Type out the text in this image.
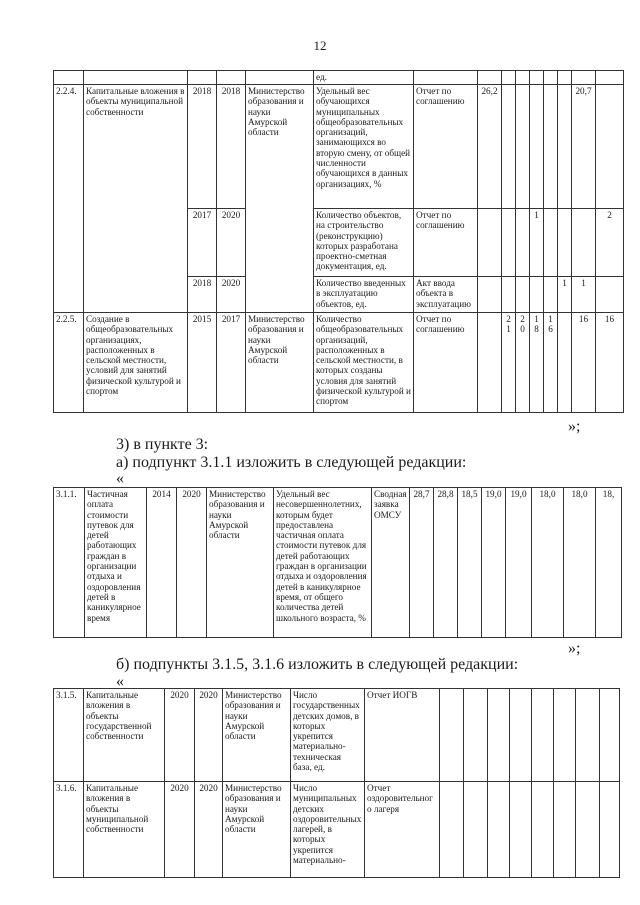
12
					ед.									
2.2.4.	Капитальные вложения в объекты муниципальной собственности	2018	2018	Министерство образования и науки Амурской области	Удельный вес обучающихся муниципальных общеобразовательных организаций, занимающихся во вторую смену, от общей численности обучающихся в данных организациях, %	Отчет по соглашению	26,2						20,7	
		2017	2020		Количество объектов, на строительство (реконструкцию) которых разработана проектно-сметная документация, ед.	Отчет по соглашению				1				2
		2018	2020		Количество введенных в эксплуатацию объектов, ед.	Акт ввода объекта в эксплуатацию						1	1	
2.2.5.	Создание в общеобразовательных организациях, расположенных в сельской местности, условий для занятий физической культурой и спортом	2015	2017	Министерство образования и науки Амурской области	Количество общеобразовательных организаций, расположенных в сельской местности, в которых созданы условия для занятий физической культурой и спортом	Отчет по соглашению		21	20	18	16		16	16
»;
3) в пункте 3:
а) подпункт 3.1.1 изложить в следующей редакции:
«
3.1.1.	Частичная оплата стоимости путевок для детей работающих граждан в организации отдыха и оздоровления детей в каникулярное время	2014	2020	Министерство образования и науки Амурской области	Удельный вес несовершеннолетних, которым будет предоставлена частичная оплата стоимости путевок для детей работающих граждан в организации отдыха и оздоровления детей в каникулярное время, от общего количества детей школьного возраста, %	Сводная заявка ОМСУ	28,7	28,8	18,5	19,0	19,0	18,0	18,0	18,
»;
б) подпункты 3.1.5, 3.1.6 изложить в следующей редакции:
«
3.1.5.	Капитальные вложения в объекты государственной собственности	2020	2020	Министерство образования и науки Амурской области	Число государственных детских домов, в которых укрепится материально-техническая база, ед.	Отчет ИОГВ								
3.1.6.	Капитальные вложения в объекты муниципальной собственности	2020	2020	Министерство образования и науки Амурской области	Число муниципальных детских оздоровительных лагерей, в которых укрепится материально-	Отчет оздоровительного лагеря								
